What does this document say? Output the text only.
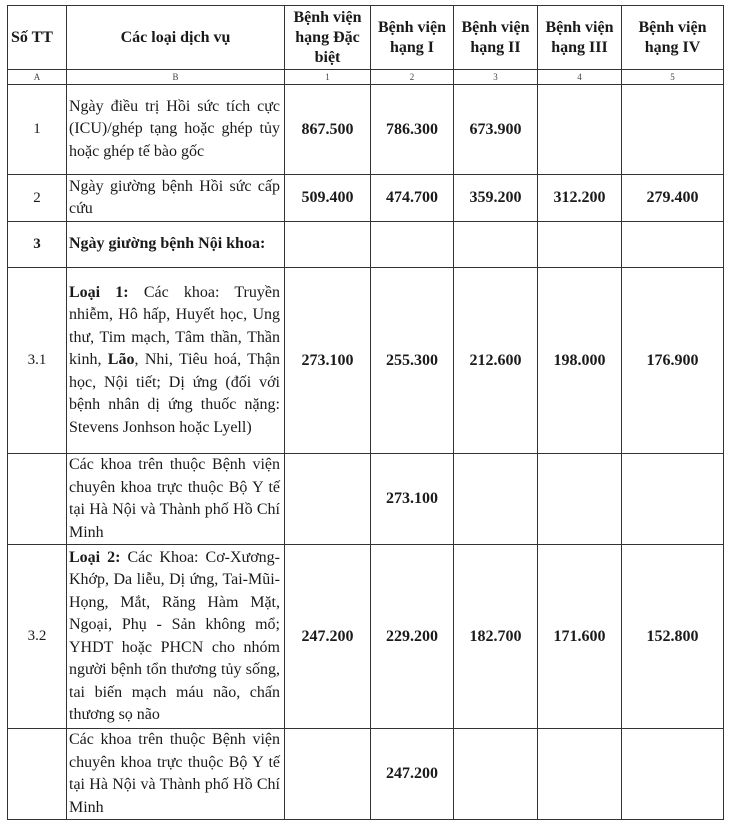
Số TT	Các loại dịch vụ	Bệnh viện hạng Đặc biệt	Bệnh viện hạng I	Bệnh viện hạng II	Bệnh viện hạng III	Bệnh viện hạng IV
A	B	1	2	3	4	5
1	Ngày điều trị Hồi sức tích cực (ICU)/ghép tạng hoặc ghép tủy hoặc ghép tế bào gốc	867.500	786.300	673.900		
2	Ngày giường bệnh Hồi sức cấp cứu	509.400	474.700	359.200	312.200	279.400
3	Ngày giường bệnh Nội khoa:					
3.1	Loại 1: Các khoa: Truyền nhiễm, Hô hấp, Huyết học, Ung thư, Tim mạch, Tâm thần, Thần kinh, Lão, Nhi, Tiêu hoá, Thận học, Nội tiết; Dị ứng (đối với bệnh nhân dị ứng thuốc nặng: Stevens Jonhson hoặc Lyell)	273.100	255.300	212.600	198.000	176.900
	Các khoa trên thuộc Bệnh viện chuyên khoa trực thuộc Bộ Y tế tại Hà Nội và Thành phố Hồ Chí Minh		273.100			
3.2	Loại 2: Các Khoa: Cơ-Xương-Khớp, Da liễu, Dị ứng, Tai-Mũi-Họng, Mắt, Răng Hàm Mặt, Ngoại, Phụ - Sản không mổ; YHDT hoặc PHCN cho nhóm người bệnh tổn thương tủy sống, tai biến mạch máu não, chấn thương sọ não	247.200	229.200	182.700	171.600	152.800
	Các khoa trên thuộc Bệnh viện chuyên khoa trực thuộc Bộ Y tế tại Hà Nội và Thành phố Hồ Chí Minh		247.200			
